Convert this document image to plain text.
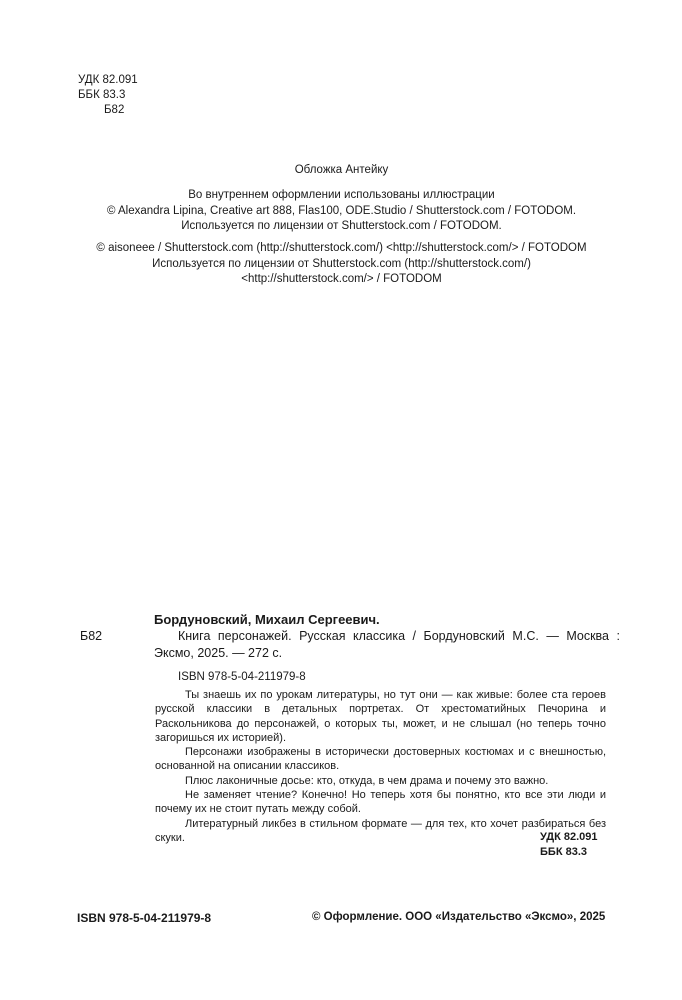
УДК 82.091
ББК 83.3
Б82
Обложка Антейку
Во внутреннем оформлении использованы иллюстрации
© Alexandra Lipina, Creative art 888, Flas100, ODE.Studio / Shutterstock.com / FOTODOM.
Используется по лицензии от Shutterstock.com / FOTODOM.
© aisoneee / Shutterstock.com (http://shutterstock.com/) <http://shutterstock.com/> / FOTODOM
Используется по лицензии от Shutterstock.com (http://shutterstock.com/)
<http://shutterstock.com/> / FOTODOM
Бордуновский, Михаил Сергеевич.
Б82	Книга персонажей. Русская классика / Бордуновский М.С. — Москва : Эксмо, 2025. — 272 с.
ISBN 978-5-04-211979-8

Ты знаешь их по урокам литературы, но тут они — как живые: более ста героев русской классики в детальных портретах. От хрестоматийных Печорина и Раскольникова до персонажей, о которых ты, может, и не слышал (но теперь точно загоришься их историей).

Персонажи изображены в исторически достоверных костюмах и с внешностью, основанной на описании классиков.

Плюс лаконичные досье: кто, откуда, в чем драма и почему это важно.

Не заменяет чтение? Конечно! Но теперь хотя бы понятно, кто все эти люди и почему их не стоит путать между собой.

Литературный ликбез в стильном формате — для тех, кто хочет разбираться без скуки.	УДК 82.091
ББК 83.3
ISBN 978-5-04-211979-8	© Оформление. ООО «Издательство «Эксмо», 2025
